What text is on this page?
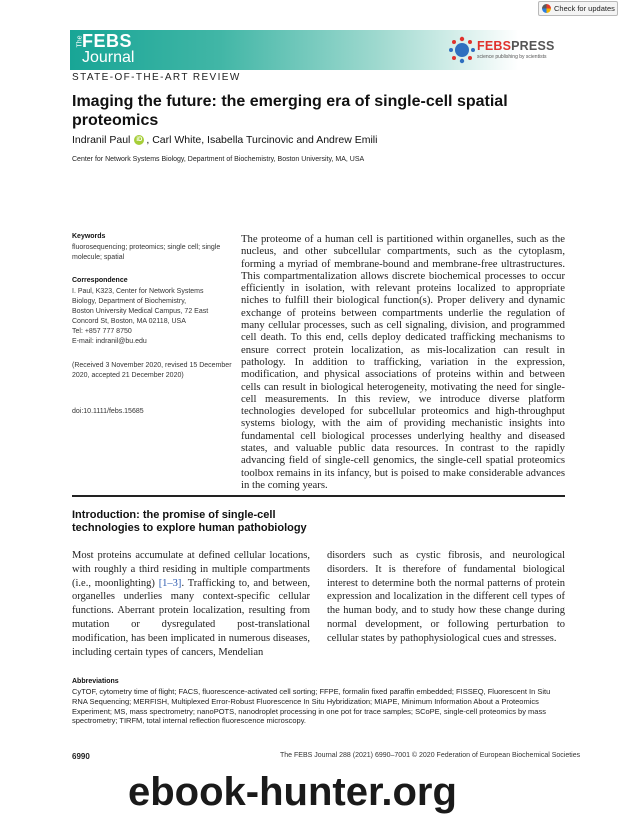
Check for updates
The
FEBS
Journal
FEBSPRESS
science publishing by scientists
STATE-OF-THE-ART REVIEW
Imaging the future: the emerging era of single-cell spatial proteomics
Indranil Paul	iD , Carl White, Isabella Turcinovic and Andrew Emili
Center for Network Systems Biology, Department of Biochemistry, Boston University, MA, USA
Keywords
fluorosequencing; proteomics; single cell; single molecule; spatial
Correspondence
I. Paul, K323, Center for Network Systems
Biology, Department of Biochemistry,
Boston University Medical Campus, 72 East
Concord St, Boston, MA 02118, USA
Tel: +857 777 8750
E-mail: indranil@bu.edu
(Received 3 November 2020, revised 15 December 2020, accepted 21 December 2020)
doi:10.1111/febs.15685
The proteome of a human cell is partitioned within organelles, such as the nucleus, and other subcellular compartments, such as the cytoplasm, forming a myriad of membrane-bound and membrane-free ultrastructures. This compartmentalization allows discrete biochemical processes to occur efficiently in isolation, with relevant proteins localized to appropriate niches to fulfill their biological function(s). Proper delivery and dynamic exchange of proteins between compartments underlie the regulation of many cellular processes, such as cell signaling, division, and programmed cell death. To this end, cells deploy dedicated trafficking mechanisms to ensure correct protein localization, as mis-localization can result in pathology. In addition to trafficking, variation in the expression, modification, and physical associations of proteins within and between cells can result in biological heterogeneity, motivating the need for single-cell measurements. In this review, we introduce diverse platform technologies developed for subcellular proteomics and high-throughput systems biology, with the aim of providing mechanistic insights into fundamental cell biological processes underlying healthy and diseased states, and valuable public data resources. In contrast to the rapidly advancing field of single-cell genomics, the single-cell spatial proteomics toolbox remains in its infancy, but is poised to make considerable advances in the coming years.
Introduction: the promise of single-cell technologies to explore human pathobiology
Most proteins accumulate at defined cellular locations, with roughly a third residing in multiple compartments (i.e., moonlighting) [1–3]. Trafficking to, and between, organelles underlies many context-specific cellular functions. Aberrant protein localization, resulting from mutation or dysregulated post-translational modification, has been implicated in numerous diseases, including certain types of cancers, Mendelian
disorders such as cystic fibrosis, and neurological disorders. It is therefore of fundamental biological interest to determine both the normal patterns of protein expression and localization in the different cell types of the human body, and to study how these change during normal development, or following perturbation to cellular states by pathophysiological cues and stresses.
Abbreviations
CyTOF, cytometry time of flight; FACS, fluorescence-activated cell sorting; FFPE, formalin fixed paraffin embedded; FISSEQ, Fluorescent In Situ RNA Sequencing; MERFISH, Multiplexed Error-Robust Fluorescence In Situ Hybridization; MIAPE, Minimum Information About a Proteomics Experiment; MS, mass spectrometry; nanoPOTS, nanodroplet processing in one pot for trace samples; SCoPE, single-cell proteomics by mass spectrometry; TIRFM, total internal reflection fluorescence microscopy.
6990	The FEBS Journal 288 (2021) 6990–7001 © 2020 Federation of European Biochemical Societies
ebook-hunter.org
